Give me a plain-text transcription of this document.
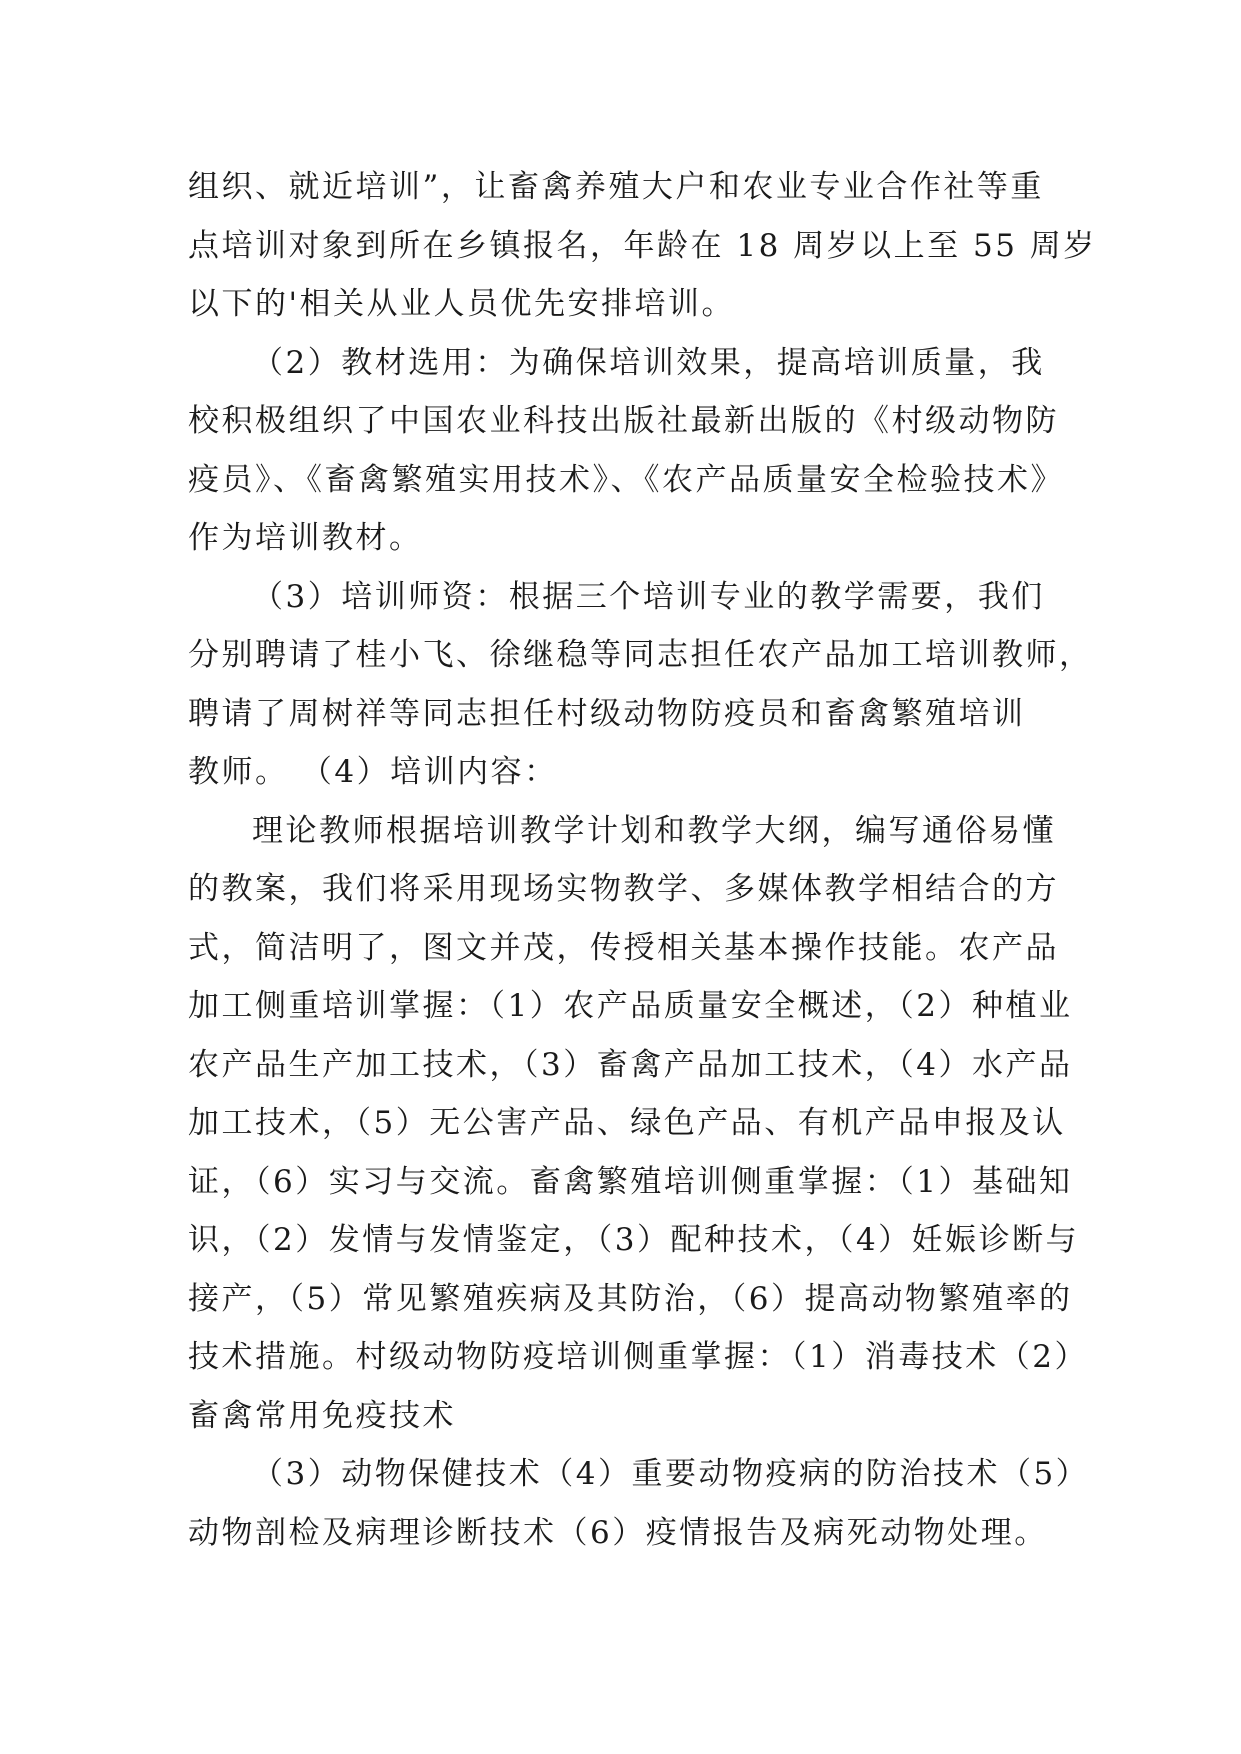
组织、就近培训”，让畜禽养殖大户和农业专业合作社等重
点培训对象到所在乡镇报名，年龄在 18 周岁以上至 55 周岁
以下的'相关从业人员优先安排培训。
（2）教材选用：为确保培训效果，提高培训质量，我
校积极组织了中国农业科技出版社最新出版的《村级动物防
疫员》、《畜禽繁殖实用技术》、《农产品质量安全检验技术》
作为培训教材。
（3）培训师资：根据三个培训专业的教学需要，我们
分别聘请了桂小飞、徐继稳等同志担任农产品加工培训教师，
聘请了周树祥等同志担任村级动物防疫员和畜禽繁殖培训
教师。 （4）培训内容：
理论教师根据培训教学计划和教学大纲，编写通俗易懂
的教案，我们将采用现场实物教学、多媒体教学相结合的方
式，简洁明了，图文并茂，传授相关基本操作技能。农产品
加工侧重培训掌握：（1）农产品质量安全概述，（2）种植业
农产品生产加工技术，（3）畜禽产品加工技术，（4）水产品
加工技术，（5）无公害产品、绿色产品、有机产品申报及认
证，（6）实习与交流。畜禽繁殖培训侧重掌握：（1）基础知
识，（2）发情与发情鉴定，（3）配种技术，（4）妊娠诊断与
接产，（5）常见繁殖疾病及其防治，（6）提高动物繁殖率的
技术措施。村级动物防疫培训侧重掌握：（1）消毒技术（2）
畜禽常用免疫技术
（3）动物保健技术（4）重要动物疫病的防治技术（5）
动物剖检及病理诊断技术（6）疫情报告及病死动物处理。
